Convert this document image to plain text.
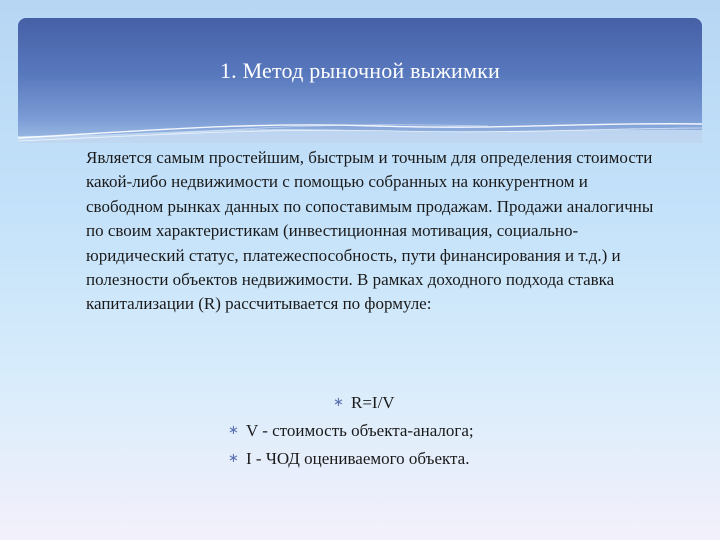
1. Метод рыночной выжимки
Является самым простейшим, быстрым и точным для определения стоимости какой-либо недвижимости с помощью собранных на конкурентном и свободном рынках данных по сопоставимым продажам. Продажи аналогичны по своим характеристикам (инвестиционная мотивация, социально-юридический статус, платежеспособность, пути финансирования и т.д.) и полезности объектов недвижимости. В рамках доходного подхода ставка капитализации (R) рассчитывается по формуле:
∗ R=I/V
∗ V - стоимость объекта-аналога;
∗ I - ЧОД оцениваемого объекта.
